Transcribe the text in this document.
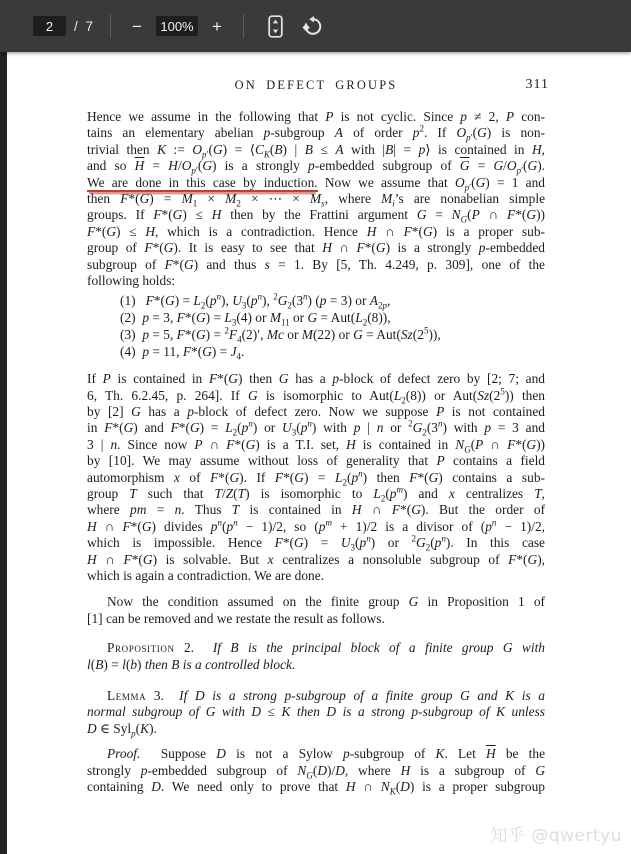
2	/ 7	−	100%	+
ON DEFECT GROUPS	311
Hence we assume in the following that P is not cyclic. Since p ≠ 2, P con-
tains an elementary abelian p-subgroup A of order $p^2$. If $O_{p'}(G)$ is non-
trivial then K := $O_{p'}(G)$ = $⟨C_K(B)$ | B ≤ A with |B| = p⟩ is contained in H,
and so $\overline{H} = H/O_{p'}(G)$ is a strongly p-embedded subgroup of $\overline{G} = G/O_{p'}(G)$.
We are done in this case by induction. Now we assume that $O_{p'}(G) = 1$ and
then $F*(G) = M_1 \times M_2$ × ⋯ × $M_s$, where $M_i’s$ are nonabelian simple
groups. If F*(G) ≤ H then by the Frattini argument $G = N_G(P$ ∩ F*(G))
F*(G) ≤ H, which is a contradiction. Hence H ∩ F*(G) is a proper sub-
group of F*(G). It is easy to see that H ∩ F*(G) is a strongly p-embedded
subgroup of F*(G) and thus s = 1. By [5, Th. 4.249, p. 309], one of the
following holds:
(1)   $F*(G) = L_2(p^n)$, $U_3(p^n)$, $^2G_2(3^n) (p = 3)$ or $A_{2p}$,
(2)  p = 3, $F*(G) = L_3(4)$ or $M_{11}$ or $G = Aut(L_2(8))$,
(3)  p = 5, $F*(G) = ^2F_4(2)'$, Mc or M(22) or $G = Aut(Sz(2^5))$,
(4)  p = 11, $F*(G) = J_4$.
If P is contained in F*(G) then G has a p-block of defect zero by [2; 7; and
6, Th. 6.2.45, p. 264]. If G is isomorphic to $Aut(L_2(8))$ or $Aut(Sz(2^5))$ then
by [2] G has a p-block of defect zero. Now we suppose P is not contained
in F*(G) and $F*(G) = L_2(p^n)$ or $U_3(p^n)$ with p | n or $^2G_2(3^n)$ with p = 3 and
3 | n. Since now P ∩ F*(G) is a T.I. set, H is contained in $N_G(P$ ∩ F*(G))
by [10]. We may assume without loss of generality that P contains a field
automorphism x of F*(G). If $F*(G) = L_2(p^n)$ then F*(G) contains a sub-
group T such that T/Z(T) is isomorphic to $L_2(p^m)$ and x centralizes T,
where pm = n. Thus T is contained in H ∩ F*(G). But the order of
H ∩ F*(G) divides $p^n(p^n - 1)/2$, so $(p^m + 1)/2$ is a divisor of $(p^n - 1)/2$,
which is impossible. Hence $F*(G) = U_3(p^n)$ or $^2G_2(p^n)$. In this case
H ∩ F*(G) is solvable. But x centralizes a nonsoluble subgroup of F*(G),
which is again a contradiction. We are done.
Now the condition assumed on the finite group G in Proposition 1 of
[1] can be removed and we restate the result as follows.
Proposition 2.  If B is the principal block of a finite group G with
l(B) = l(b) then B is a controlled block.
Lemma 3.  If D is a strong p-subgroup of a finite group G and K is a
normal subgroup of G with D ≤ K then D is a strong p-subgroup of K unless
D ∈ Syl$_p$(K).
Proof.  Suppose D is not a Sylow p-subgroup of K. Let $\overline{H}$ be the
strongly p-embedded subgroup of $N_G(D)/D$, where H is a subgroup of G
containing D. We need only to prove that H ∩ $N_K(D)$ is a proper subgroup
知乎 @qwertyu
